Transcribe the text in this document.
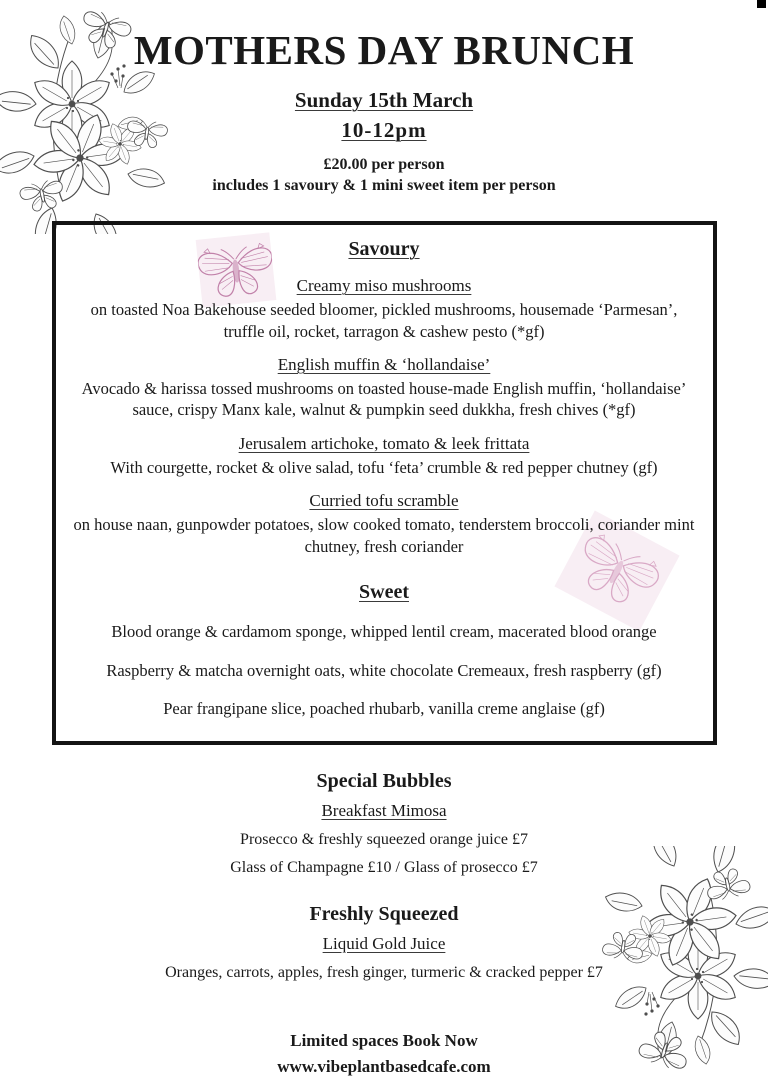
MOTHERS DAY BRUNCH
Sunday 15th March
10-12pm
£20.00 per person
includes 1 savoury & 1 mini sweet item per person
Savoury
Creamy miso mushrooms
on toasted Noa Bakehouse seeded bloomer, pickled mushrooms, housemade ‘Parmesan’, truffle oil, rocket, tarragon & cashew pesto (*gf)
English muffin & ‘hollandaise’
Avocado & harissa tossed mushrooms on toasted house-made English muffin, ‘hollandaise’ sauce, crispy Manx kale, walnut & pumpkin seed dukkha, fresh chives (*gf)
Jerusalem artichoke, tomato & leek frittata
With courgette, rocket & olive salad, tofu ‘feta’ crumble & red pepper chutney (gf)
Curried tofu scramble
on house naan, gunpowder potatoes, slow cooked tomato, tenderstem broccoli, coriander mint chutney, fresh coriander
Sweet
Blood orange & cardamom sponge, whipped lentil cream, macerated blood orange
Raspberry & matcha overnight oats, white chocolate Cremeaux, fresh raspberry (gf)
Pear frangipane slice, poached rhubarb, vanilla creme anglaise (gf)
Special Bubbles
Breakfast Mimosa
Prosecco & freshly squeezed orange juice £7
Glass of Champagne £10 / Glass of prosecco £7
Freshly Squeezed
Liquid Gold Juice
Oranges, carrots, apples, fresh ginger, turmeric & cracked pepper £7
Limited spaces Book Now
www.vibeplantbasedcafe.com
